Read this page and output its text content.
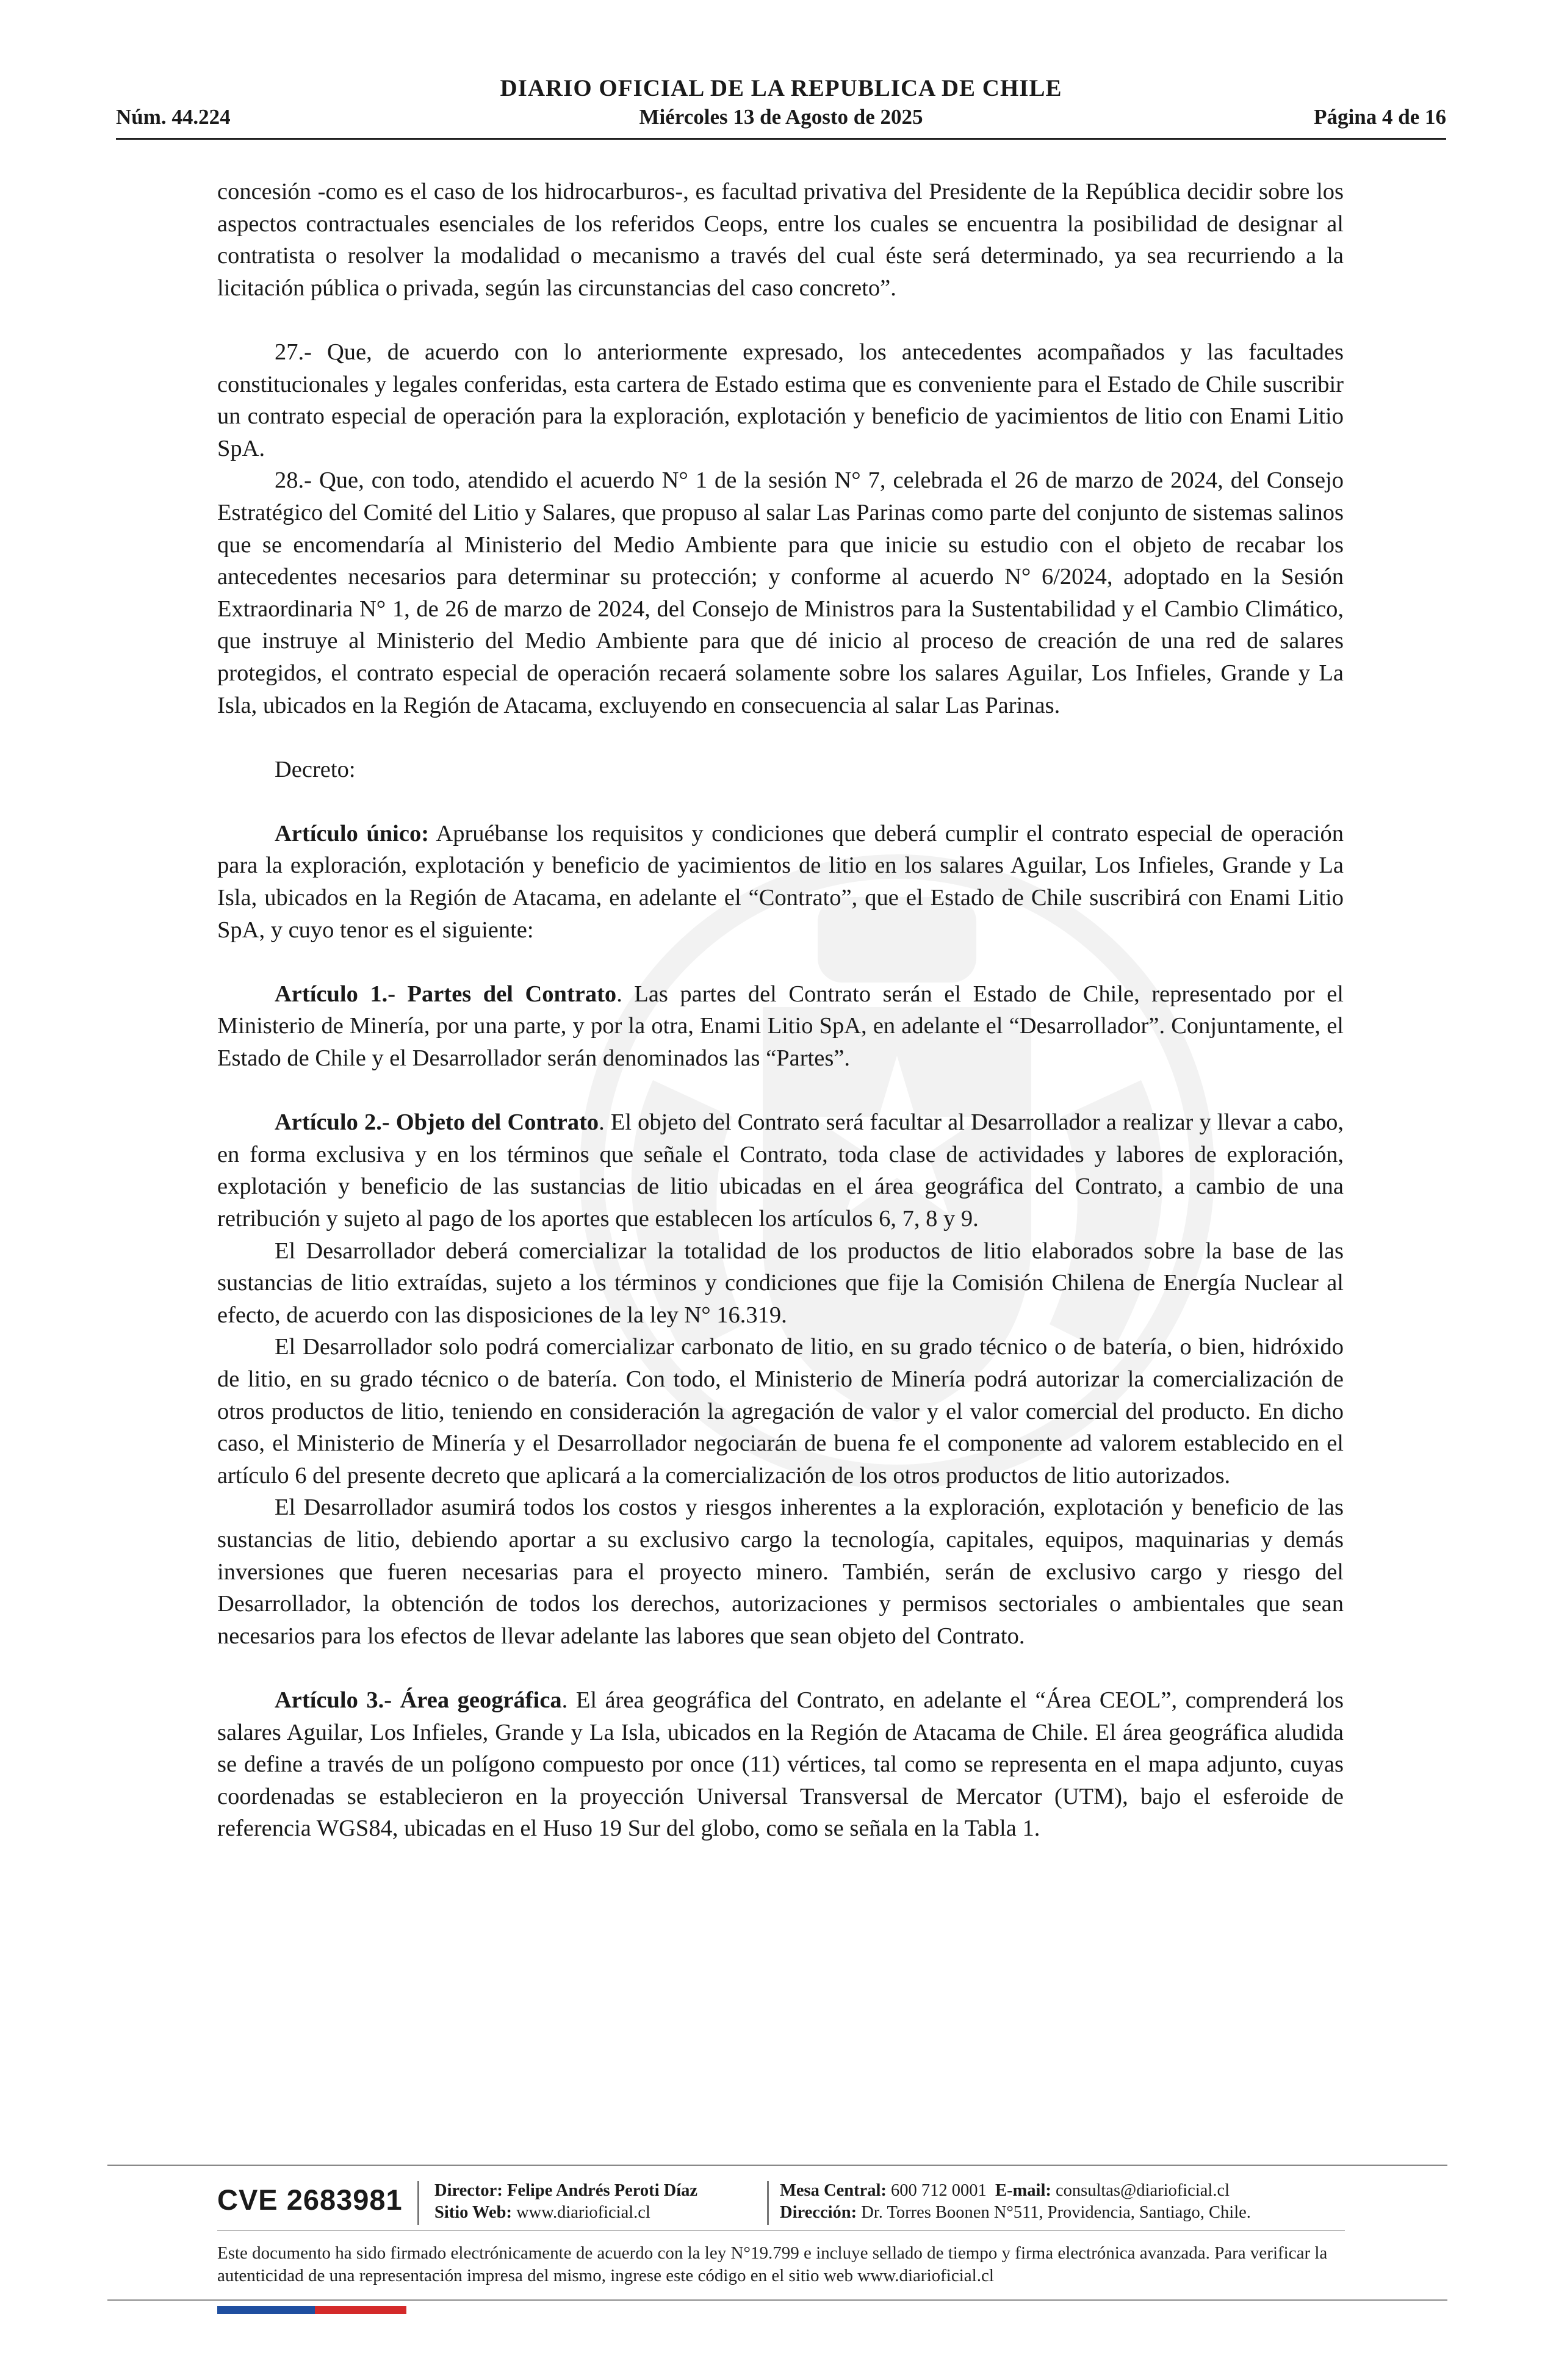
DIARIO OFICIAL DE LA REPUBLICA DE CHILE
Núm. 44.224	Miércoles 13 de Agosto de 2025	Página 4 de 16

concesión -como es el caso de los hidrocarburos-, es facultad privativa del Presidente de la República decidir sobre los aspectos contractuales esenciales de los referidos Ceops, entre los cuales se encuentra la posibilidad de designar al contratista o resolver la modalidad o mecanismo a través del cual éste será determinado, ya sea recurriendo a la licitación pública o privada, según las circunstancias del caso concreto”.

27.- Que, de acuerdo con lo anteriormente expresado, los antecedentes acompañados y las facultades constitucionales y legales conferidas, esta cartera de Estado estima que es conveniente para el Estado de Chile suscribir un contrato especial de operación para la exploración, explotación y beneficio de yacimientos de litio con Enami Litio SpA.

28.- Que, con todo, atendido el acuerdo N° 1 de la sesión N° 7, celebrada el 26 de marzo de 2024, del Consejo Estratégico del Comité del Litio y Salares, que propuso al salar Las Parinas como parte del conjunto de sistemas salinos que se encomendaría al Ministerio del Medio Ambiente para que inicie su estudio con el objeto de recabar los antecedentes necesarios para determinar su protección; y conforme al acuerdo N° 6/2024, adoptado en la Sesión Extraordinaria N° 1, de 26 de marzo de 2024, del Consejo de Ministros para la Sustentabilidad y el Cambio Climático, que instruye al Ministerio del Medio Ambiente para que dé inicio al proceso de creación de una red de salares protegidos, el contrato especial de operación recaerá solamente sobre los salares Aguilar, Los Infieles, Grande y La Isla, ubicados en la Región de Atacama, excluyendo en consecuencia al salar Las Parinas.

Decreto:

Artículo único: Apruébanse los requisitos y condiciones que deberá cumplir el contrato especial de operación para la exploración, explotación y beneficio de yacimientos de litio en los salares Aguilar, Los Infieles, Grande y La Isla, ubicados en la Región de Atacama, en adelante el “Contrato”, que el Estado de Chile suscribirá con Enami Litio SpA, y cuyo tenor es el siguiente:

Artículo 1.- Partes del Contrato. Las partes del Contrato serán el Estado de Chile, representado por el Ministerio de Minería, por una parte, y por la otra, Enami Litio SpA, en adelante el “Desarrollador”. Conjuntamente, el Estado de Chile y el Desarrollador serán denominados las “Partes”.

Artículo 2.- Objeto del Contrato. El objeto del Contrato será facultar al Desarrollador a realizar y llevar a cabo, en forma exclusiva y en los términos que señale el Contrato, toda clase de actividades y labores de exploración, explotación y beneficio de las sustancias de litio ubicadas en el área geográfica del Contrato, a cambio de una retribución y sujeto al pago de los aportes que establecen los artículos 6, 7, 8 y 9.

El Desarrollador deberá comercializar la totalidad de los productos de litio elaborados sobre la base de las sustancias de litio extraídas, sujeto a los términos y condiciones que fije la Comisión Chilena de Energía Nuclear al efecto, de acuerdo con las disposiciones de la ley N° 16.319.

El Desarrollador solo podrá comercializar carbonato de litio, en su grado técnico o de batería, o bien, hidróxido de litio, en su grado técnico o de batería. Con todo, el Ministerio de Minería podrá autorizar la comercialización de otros productos de litio, teniendo en consideración la agregación de valor y el valor comercial del producto. En dicho caso, el Ministerio de Minería y el Desarrollador negociarán de buena fe el componente ad valorem establecido en el artículo 6 del presente decreto que aplicará a la comercialización de los otros productos de litio autorizados.

El Desarrollador asumirá todos los costos y riesgos inherentes a la exploración, explotación y beneficio de las sustancias de litio, debiendo aportar a su exclusivo cargo la tecnología, capitales, equipos, maquinarias y demás inversiones que fueren necesarias para el proyecto minero. También, serán de exclusivo cargo y riesgo del Desarrollador, la obtención de todos los derechos, autorizaciones y permisos sectoriales o ambientales que sean necesarios para los efectos de llevar adelante las labores que sean objeto del Contrato.

Artículo 3.- Área geográfica. El área geográfica del Contrato, en adelante el “Área CEOL”, comprenderá los salares Aguilar, Los Infieles, Grande y La Isla, ubicados en la Región de Atacama de Chile. El área geográfica aludida se define a través de un polígono compuesto por once (11) vértices, tal como se representa en el mapa adjunto, cuyas coordenadas se establecieron en la proyección Universal Transversal de Mercator (UTM), bajo el esferoide de referencia WGS84, ubicadas en el Huso 19 Sur del globo, como se señala en la Tabla 1.

CVE 2683981 Director: Felipe Andrés Peroti Díaz
Sitio Web: www.diarioficial.cl
Mesa Central: 600 712 0001 E-mail: consultas@diarioficial.cl
Dirección: Dr. Torres Boonen N°511, Providencia, Santiago, Chile.
Este documento ha sido firmado electrónicamente de acuerdo con la ley N°19.799 e incluye sellado de tiempo y firma electrónica avanzada. Para verificar la autenticidad de una representación impresa del mismo, ingrese este código en el sitio web www.diarioficial.cl
